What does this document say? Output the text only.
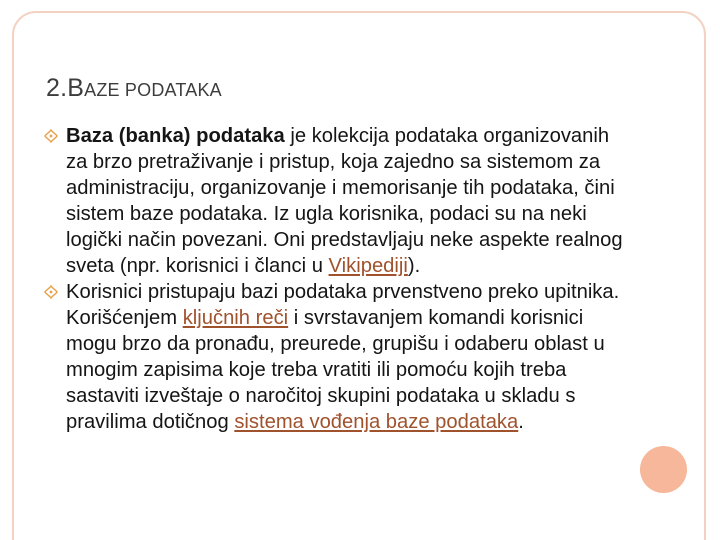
2.BAZE PODATAKA

Baza (banka) podataka je kolekcija podataka organizovanih za brzo pretraživanje i pristup, koja zajedno sa sistemom za administraciju, organizovanje i memorisanje tih podataka, čini sistem baze podataka. Iz ugla korisnika, podaci su na neki logički način povezani. Oni predstavljaju neke aspekte realnog sveta (npr. korisnici i članci u Vikipediji).

Korisnici pristupaju bazi podataka prvenstveno preko upitnika. Korišćenjem ključnih reči i svrstavanjem komandi korisnici mogu brzo da pronađu, preurede, grupišu i odaberu oblast u mnogim zapisima koje treba vratiti ili pomoću kojih treba sastaviti izveštaje o naročitoj skupini podataka u skladu s pravilima dotičnog sistema vođenja baze podataka.
